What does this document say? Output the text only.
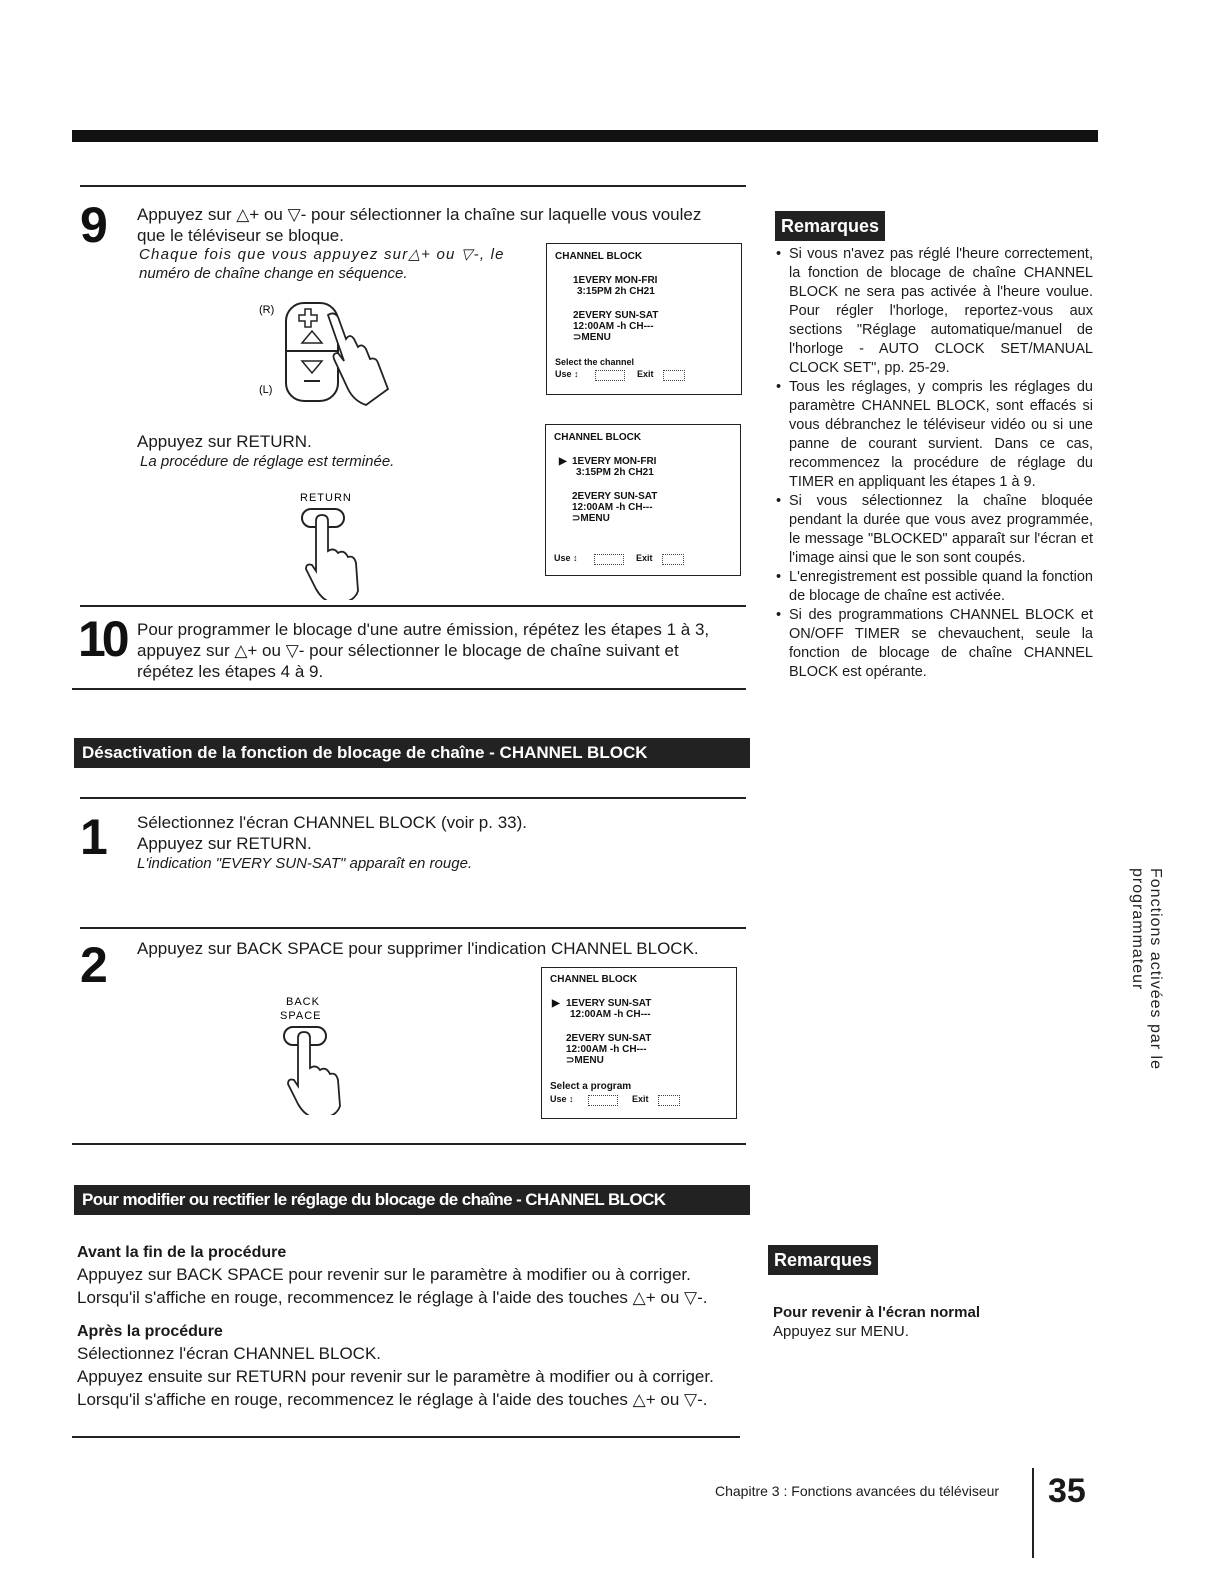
9 Appuyez sur △+ ou ▽- pour sélectionner la chaîne sur laquelle vous voulez
que le téléviseur se bloque.
Chaque fois que vous appuyez sur△+ ou ▽-, le
numéro de chaîne change en séquence.
(R)
(L)
CHANNEL BLOCK
1EVERY MON-FRI
3:15PM 2h CH21
2EVERY SUN-SAT
12:00AM -h CH---
⊃MENU
Select the channel
Use ↕	Exit
Appuyez sur RETURN.
La procédure de réglage est terminée.
RETURN
CHANNEL BLOCK
▶ 1EVERY MON-FRI
3:15PM 2h CH21
2EVERY SUN-SAT
12:00AM -h CH---
⊃MENU
Use ↕	Exit
10 Pour programmer le blocage d'une autre émission, répétez les étapes 1 à 3,
appuyez sur △+ ou ▽- pour sélectionner le blocage de chaîne suivant et
répétez les étapes 4 à 9.
Désactivation de la fonction de blocage de chaîne - CHANNEL BLOCK
1 Sélectionnez l'écran CHANNEL BLOCK (voir p. 33).
Appuyez sur RETURN.
L'indication "EVERY SUN-SAT" apparaît en rouge.
2 Appuyez sur BACK SPACE pour supprimer l'indication CHANNEL BLOCK.
BACK
SPACE
CHANNEL BLOCK
▶ 1EVERY SUN-SAT
12:00AM -h CH---
2EVERY SUN-SAT
12:00AM -h CH---
⊃MENU
Select a program
Use ↕	Exit
Pour modifier ou rectifier le réglage du blocage de chaîne - CHANNEL BLOCK
Avant la fin de la procédure
Appuyez sur BACK SPACE pour revenir sur le paramètre à modifier ou à corriger.
Lorsqu'il s'affiche en rouge, recommencez le réglage à l'aide des touches △+ ou ▽-.
Après la procédure
Sélectionnez l'écran CHANNEL BLOCK.
Appuyez ensuite sur RETURN pour revenir sur le paramètre à modifier ou à corriger.
Lorsqu'il s'affiche en rouge, recommencez le réglage à l'aide des touches △+ ou ▽-.
Remarques
• Si vous n'avez pas réglé l'heure correctement, la fonction de blocage de chaîne CHANNEL BLOCK ne sera pas activée à l'heure voulue. Pour régler l'horloge, reportez-vous aux sections "Réglage automatique/manuel de l'horloge - AUTO CLOCK SET/MANUAL CLOCK SET", pp. 25-29.
• Tous les réglages, y compris les réglages du paramètre CHANNEL BLOCK, sont effacés si vous débranchez le téléviseur vidéo ou si une panne de courant survient. Dans ce cas, recommencez la procédure de réglage du TIMER en appliquant les étapes 1 à 9.
• Si vous sélectionnez la chaîne bloquée pendant la durée que vous avez programmée, le message "BLOCKED" apparaît sur l'écran et l'image ainsi que le son sont coupés.
• L'enregistrement est possible quand la fonction de blocage de chaîne est activée.
• Si des programmations CHANNEL BLOCK et ON/OFF TIMER se chevauchent, seule la fonction de blocage de chaîne CHANNEL BLOCK est opérante.
Fonctions activées par le programmateur
Remarques
Pour revenir à l'écran normal
Appuyez sur MENU.
Chapitre 3 : Fonctions avancées du téléviseur 35
